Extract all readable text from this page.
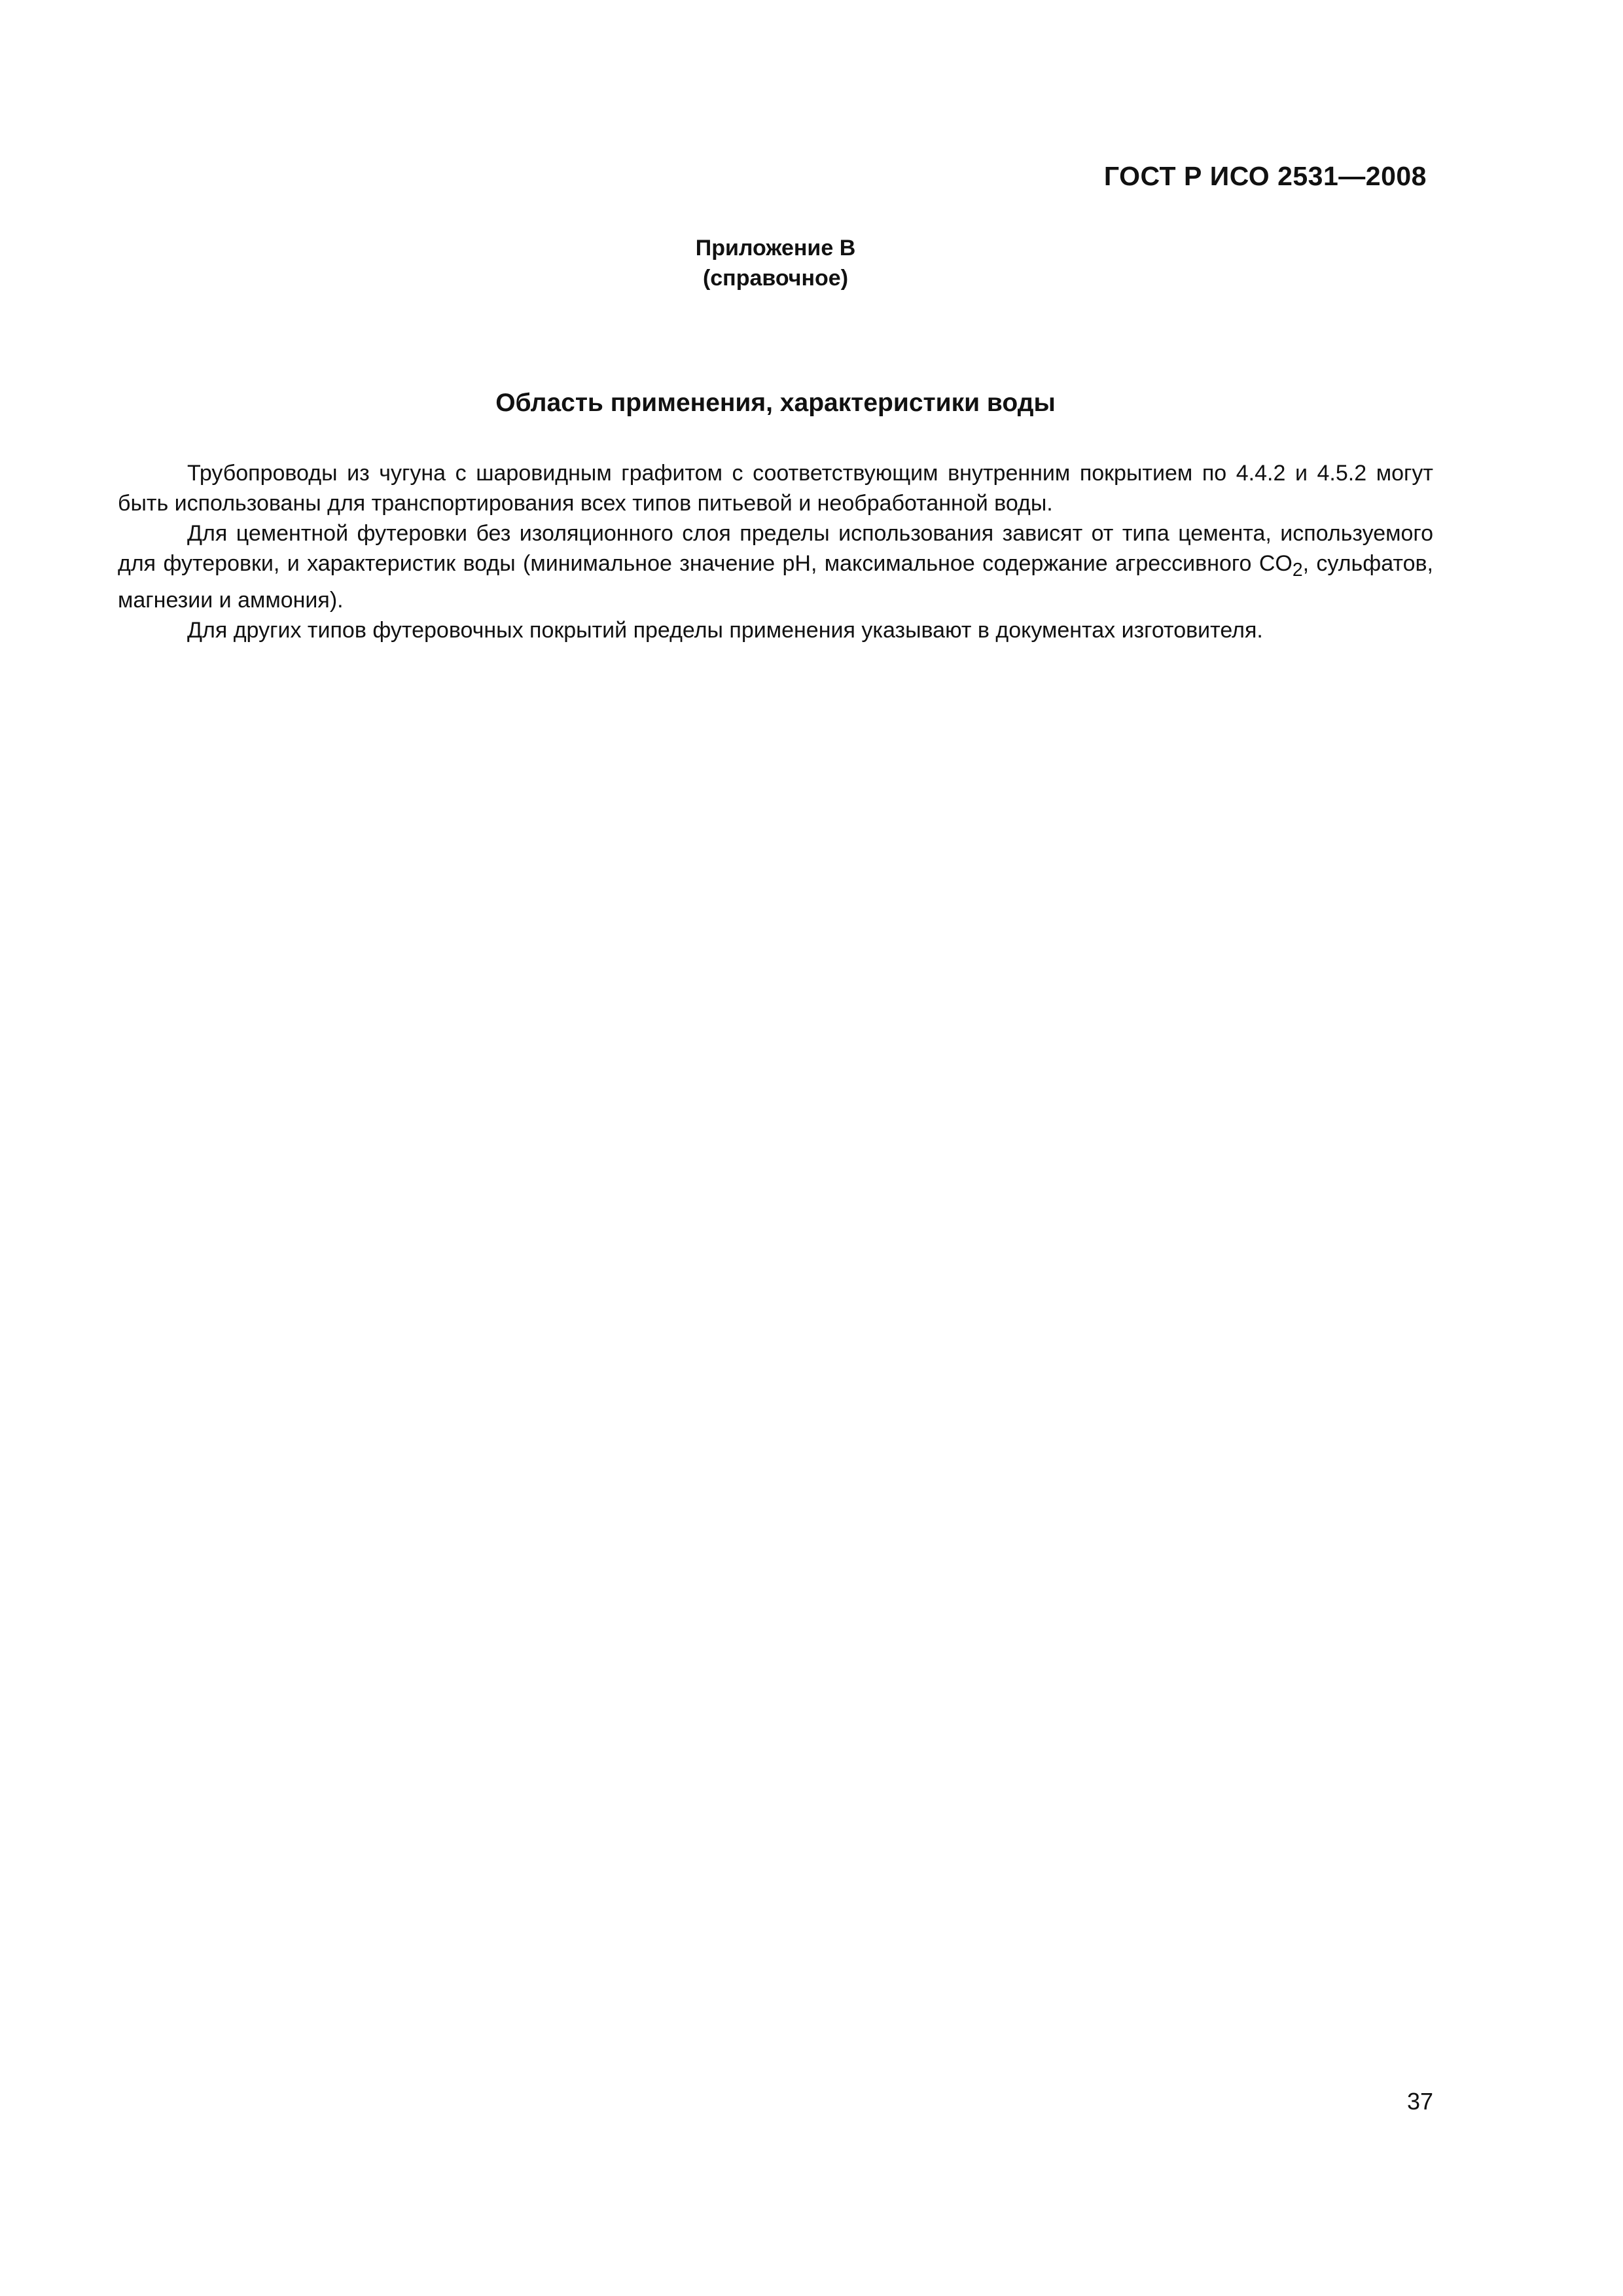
ГОСТ Р ИСО 2531—2008
Приложение В
(справочное)
Область применения, характеристики воды

Трубопроводы из чугуна с шаровидным графитом с соответствующим внутренним покрытием по 4.4.2 и 4.5.2 могут быть использованы для транспортирования всех типов питьевой и необработанной воды.

Для цементной футеровки без изоляционного слоя пределы использования зависят от типа цемента, используемого для футеровки, и характеристик воды (минимальное значение pH, максимальное содержание агрессивного $CO_2$, сульфатов, магнезии и аммония).

Для других типов футеровочных покрытий пределы применения указывают в документах изготовителя.

37
